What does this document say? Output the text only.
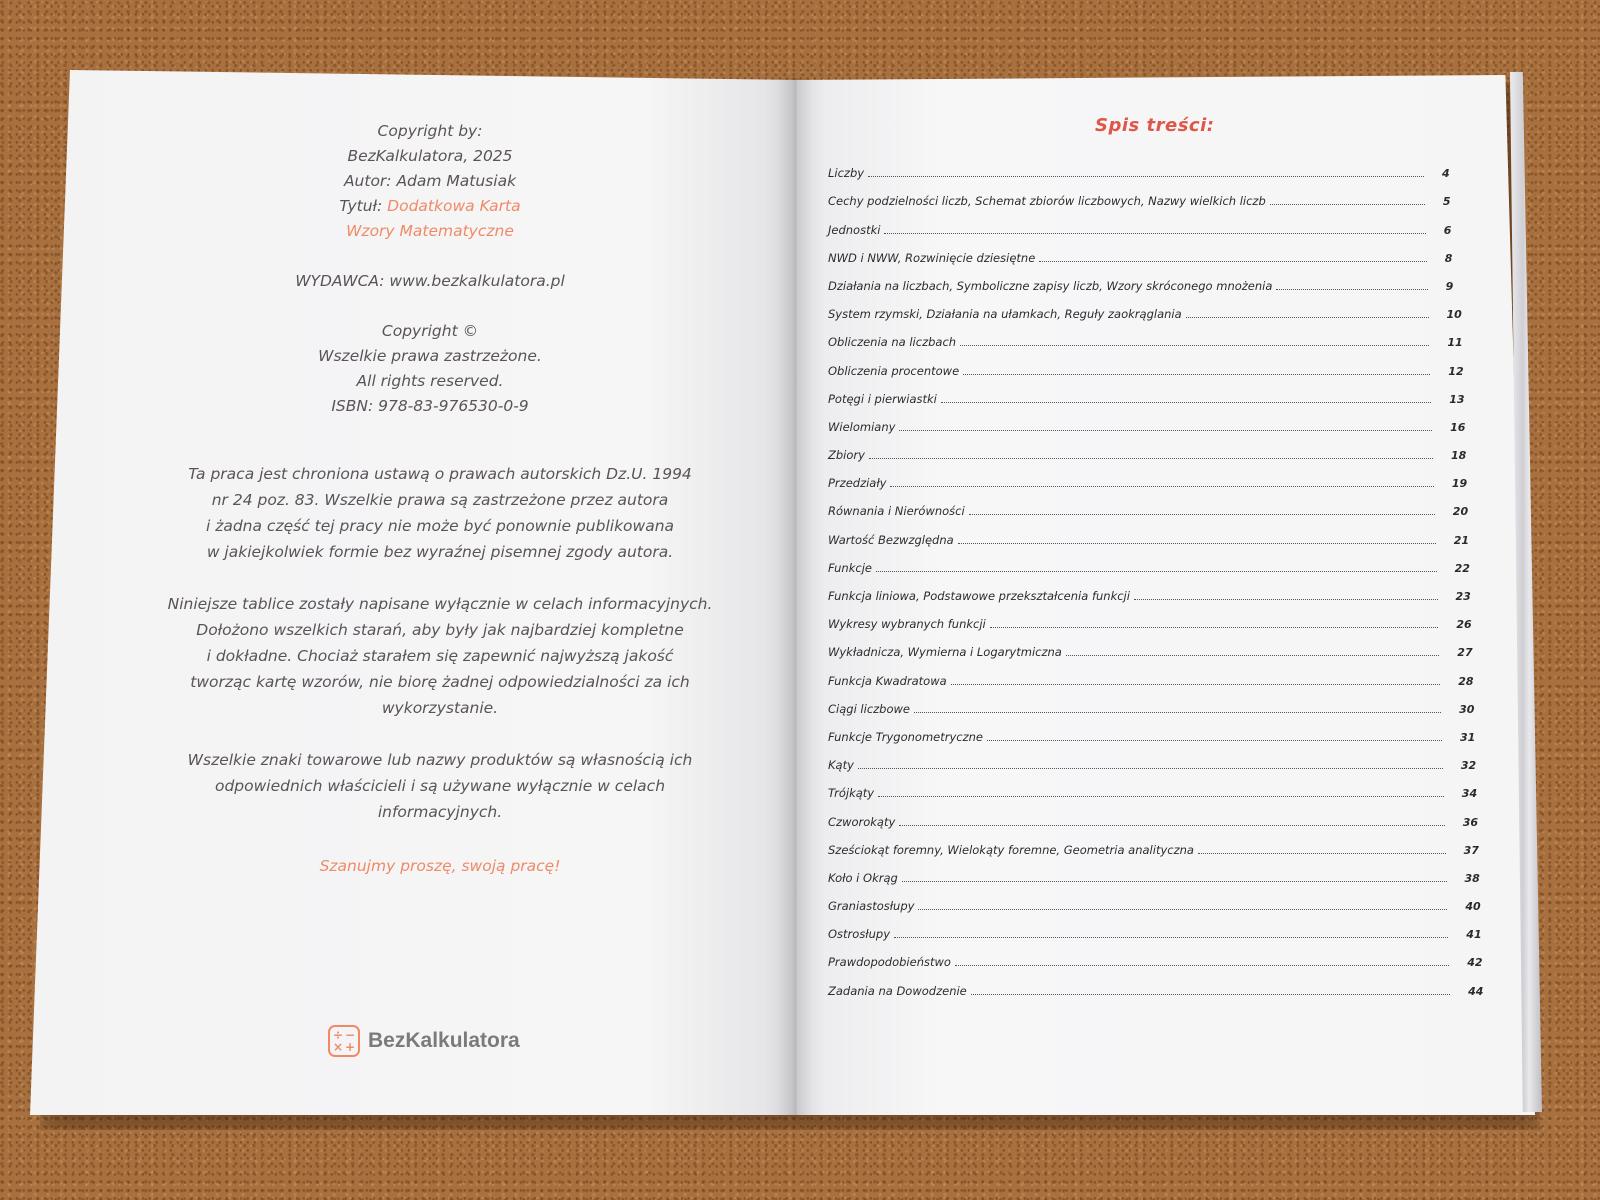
Copyright by:
BezKalkulatora, 2025
Autor: Adam Matusiak
Tytuł: Dodatkowa Karta
Wzory Matematyczne
WYDAWCA: www.bezkalkulatora.pl
Copyright ©
Wszelkie prawa zastrzeżone.
All rights reserved.
ISBN: 978-83-976530-0-9
Ta praca jest chroniona ustawą o prawach autorskich Dz.U. 1994
nr 24 poz. 83. Wszelkie prawa są zastrzeżone przez autora
i żadna część tej pracy nie może być ponownie publikowana
w jakiejkolwiek formie bez wyraźnej pisemnej zgody autora.
Niniejsze tablice zostały napisane wyłącznie w celach informacyjnych.
Dołożono wszelkich starań, aby były jak najbardziej kompletne
i dokładne. Chociaż starałem się zapewnić najwyższą jakość
tworząc kartę wzorów, nie biorę żadnej odpowiedzialności za ich
wykorzystanie.
Wszelkie znaki towarowe lub nazwy produktów są własnością ich
odpowiednich właścicieli i są używane wyłącznie w celach
informacyjnych.
Szanujmy proszę, swoją pracę!
÷ −
× + BezKalkulatora
Spis treści:
Liczby	4
Cechy podzielności liczb, Schemat zbiorów liczbowych, Nazwy wielkich liczb	5
Jednostki	6
NWD i NWW, Rozwinięcie dziesiętne	8
Działania na liczbach, Symboliczne zapisy liczb, Wzory skróconego mnożenia	9
System rzymski, Działania na ułamkach, Reguły zaokrąglania	10
Obliczenia na liczbach	11
Obliczenia procentowe	12
Potęgi i pierwiastki	13
Wielomiany	16
Zbiory	18
Przedziały	19
Równania i Nierówności	20
Wartość Bezwzględna	21
Funkcje	22
Funkcja liniowa, Podstawowe przekształcenia funkcji	23
Wykresy wybranych funkcji	26
Wykładnicza, Wymierna i Logarytmiczna	27
Funkcja Kwadratowa	28
Ciągi liczbowe	30
Funkcje Trygonometryczne	31
Kąty	32
Trójkąty	34
Czworokąty	36
Sześciokąt foremny, Wielokąty foremne, Geometria analityczna	37
Koło i Okrąg	38
Graniastosłupy	40
Ostrosłupy	41
Prawdopodobieństwo	42
Zadania na Dowodzenie	44
